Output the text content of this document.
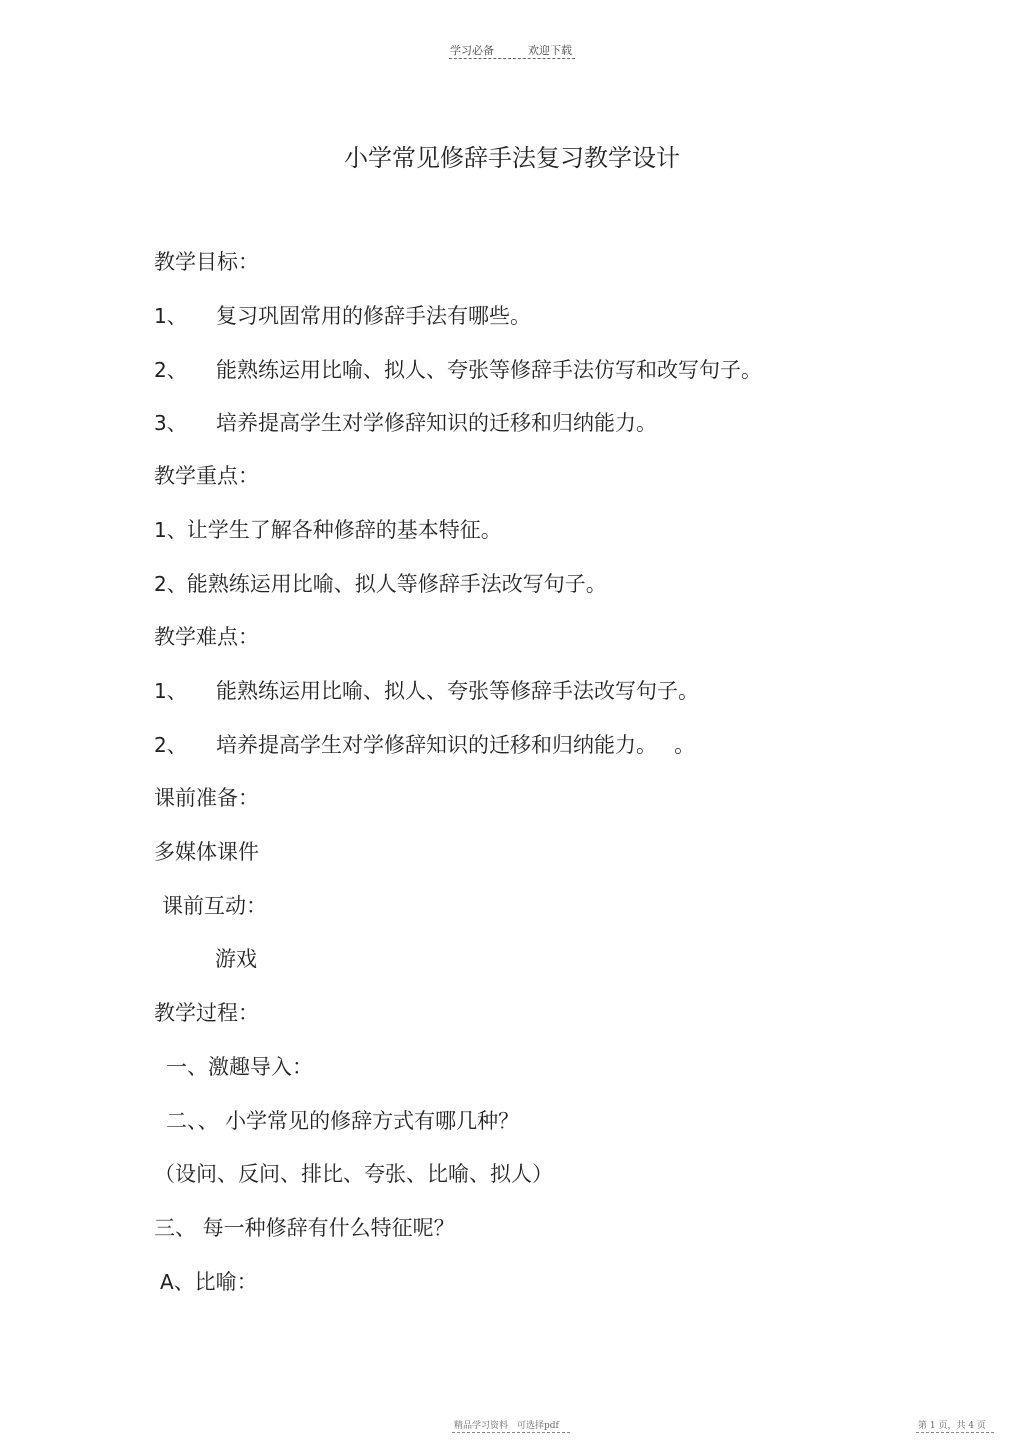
学习必备	欢迎下载
小学常见修辞手法复习教学设计
教学目标：
1、 复习巩固常用的修辞手法有哪些。
2、 能熟练运用比喻、拟人、夸张等修辞手法仿写和改写句子。
3、 培养提高学生对学修辞知识的迁移和归纳能力。
教学重点：
1、让学生了解各种修辞的基本特征。
2、能熟练运用比喻、拟人等修辞手法改写句子。
教学难点：
1、 能熟练运用比喻、拟人、夸张等修辞手法改写句子。
2、 培养提高学生对学修辞知识的迁移和归纳能力。　 。
课前准备：
多媒体课件
课前互动：
游戏
教学过程：
一、激趣导入：
二、、 小学常见的修辞方式有哪几种？
（设问、反问、排比、夸张、比喻、拟人）
三、 每一种修辞有什么特征呢？
A、比喻：
精品学习资料　可选择pdf	第 1 页，共 4 页
